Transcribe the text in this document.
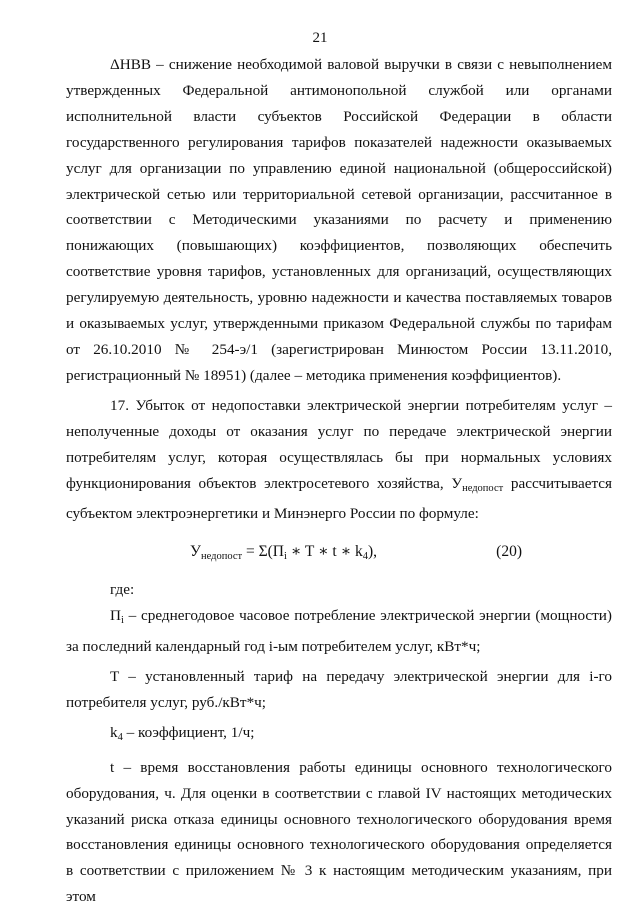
21

ΔНВВ – снижение необходимой валовой выручки в связи с невыполнением утвержденных Федеральной антимонопольной службой или органами исполнительной власти субъектов Российской Федерации в области государственного регулирования тарифов показателей надежности оказываемых услуг для организации по управлению единой национальной (общероссийской) электрической сетью или территориальной сетевой организации, рассчитанное в соответствии с Методическими указаниями по расчету и применению понижающих (повышающих) коэффициентов, позволяющих обеспечить соответствие уровня тарифов, установленных для организаций, осуществляющих регулируемую деятельность, уровню надежности и качества поставляемых товаров и оказываемых услуг, утвержденными приказом Федеральной службы по тарифам от 26.10.2010 № 254-э/1 (зарегистрирован Минюстом России 13.11.2010, регистрационный № 18951) (далее – методика применения коэффициентов).

17. Убыток от недопоставки электрической энергии потребителям услуг – неполученные доходы от оказания услуг по передаче электрической энергии потребителям услуг, которая осуществлялась бы при нормальных условиях функционирования объектов электросетевого хозяйства, $У_{недопост}$ рассчитывается субъектом электроэнергетики и Минэнерго России по формуле:

$У_{недопост} = \Sigma(П_i$ ∗ T ∗ t ∗ $k_4$),	(20)

где:

$П_i$ – среднегодовое часовое потребление электрической энергии (мощности) за последний календарный год i-ым потребителем услуг, кВт*ч;

T – установленный тариф на передачу электрической энергии для i-го потребителя услуг, руб./кВт*ч;

$k_4$ – коэффициент, 1/ч;

t – время восстановления работы единицы основного технологического оборудования, ч. Для оценки в соответствии с главой IV настоящих методических указаний риска отказа единицы основного технологического оборудования время восстановления единицы основного технологического оборудования определяется в соответствии с приложением № 3 к настоящим методическим указаниям, при этом
